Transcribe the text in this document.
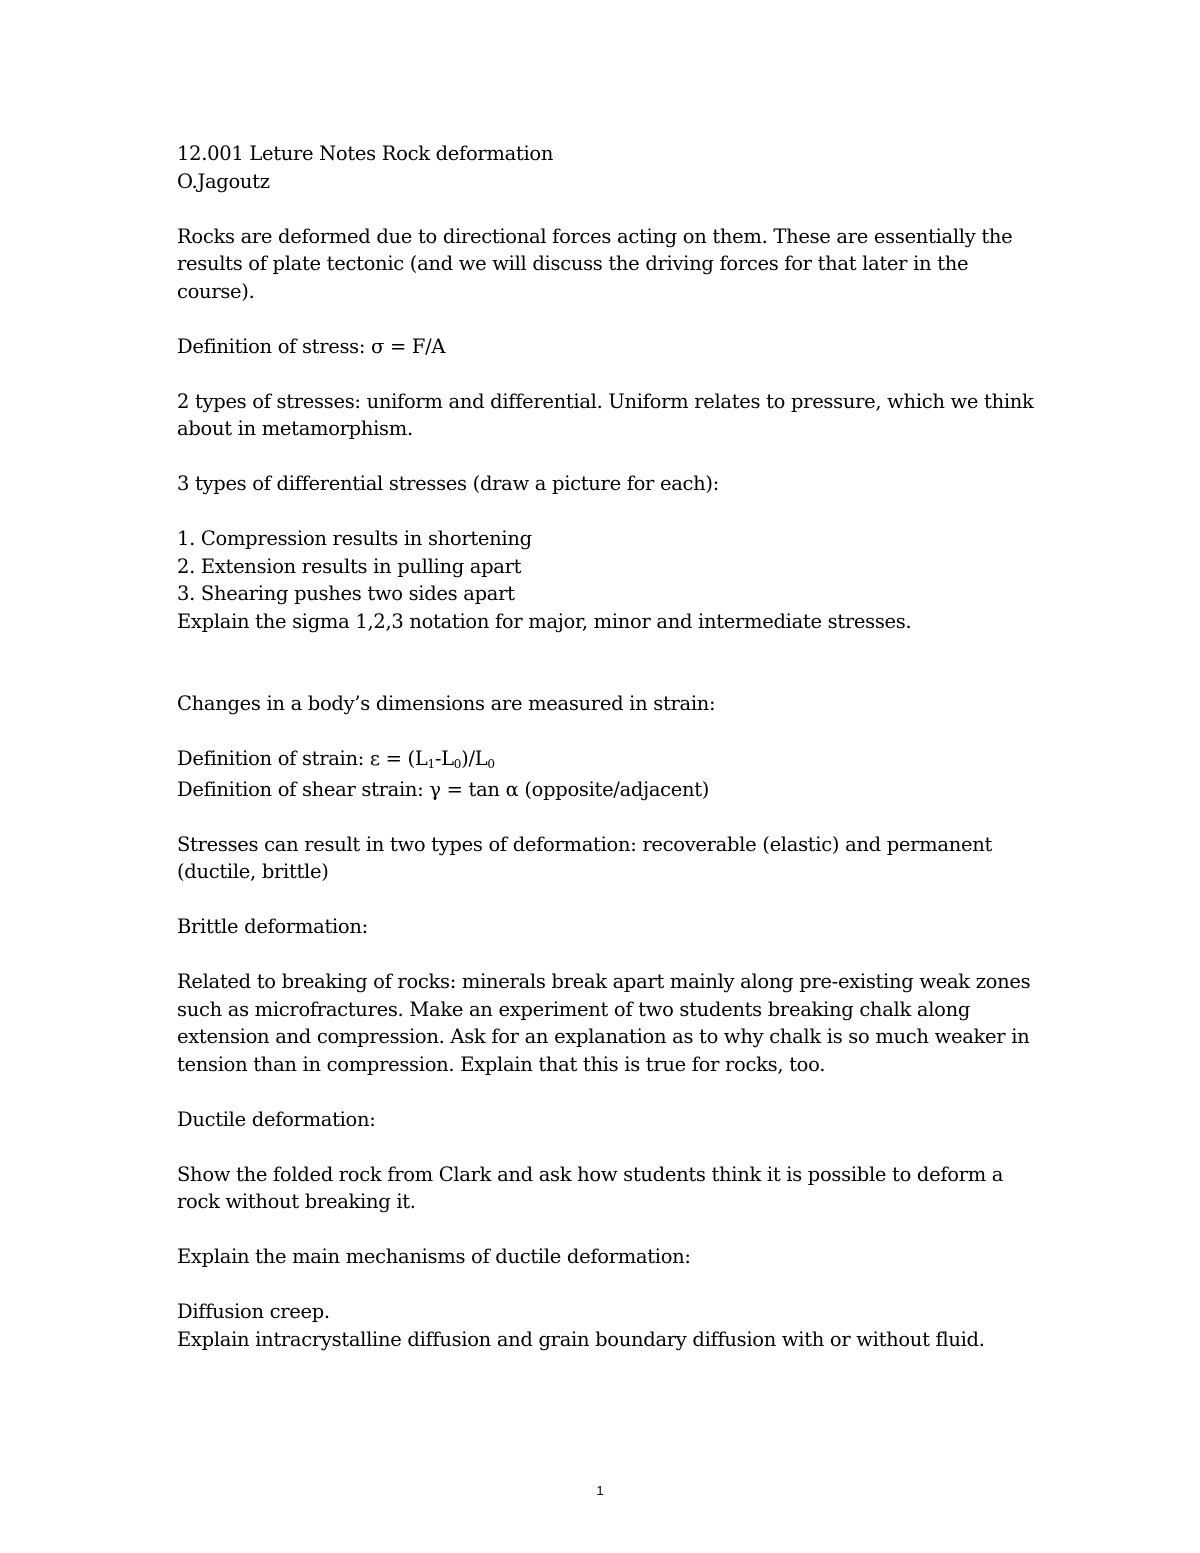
12.001 Leture Notes Rock deformation

O.Jagoutz

Rocks are deformed due to directional forces acting on them. These are essentially the results of plate tectonic (and we will discuss the driving forces for that later in the course).

Definition of stress: σ = F/A

2 types of stresses: uniform and differential. Uniform relates to pressure, which we think about in metamorphism.

3 types of differential stresses (draw a picture for each):

1. Compression results in shortening

2. Extension results in pulling apart

3. Shearing pushes two sides apart

Explain the sigma 1,2,3 notation for major, minor and intermediate stresses.

Changes in a body’s dimensions are measured in strain:

Definition of strain: ε = (L1-L0)/L0

Definition of shear strain: γ = tan α (opposite/adjacent)

Stresses can result in two types of deformation: recoverable (elastic) and permanent (ductile, brittle)

Brittle deformation:

Related to breaking of rocks: minerals break apart mainly along pre-existing weak zones such as microfractures. Make an experiment of two students breaking chalk along extension and compression. Ask for an explanation as to why chalk is so much weaker in tension than in compression. Explain that this is true for rocks, too.

Ductile deformation:

Show the folded rock from Clark and ask how students think it is possible to deform a rock without breaking it.

Explain the main mechanisms of ductile deformation:

Diffusion creep.

Explain intracrystalline diffusion and grain boundary diffusion with or without fluid.

1
